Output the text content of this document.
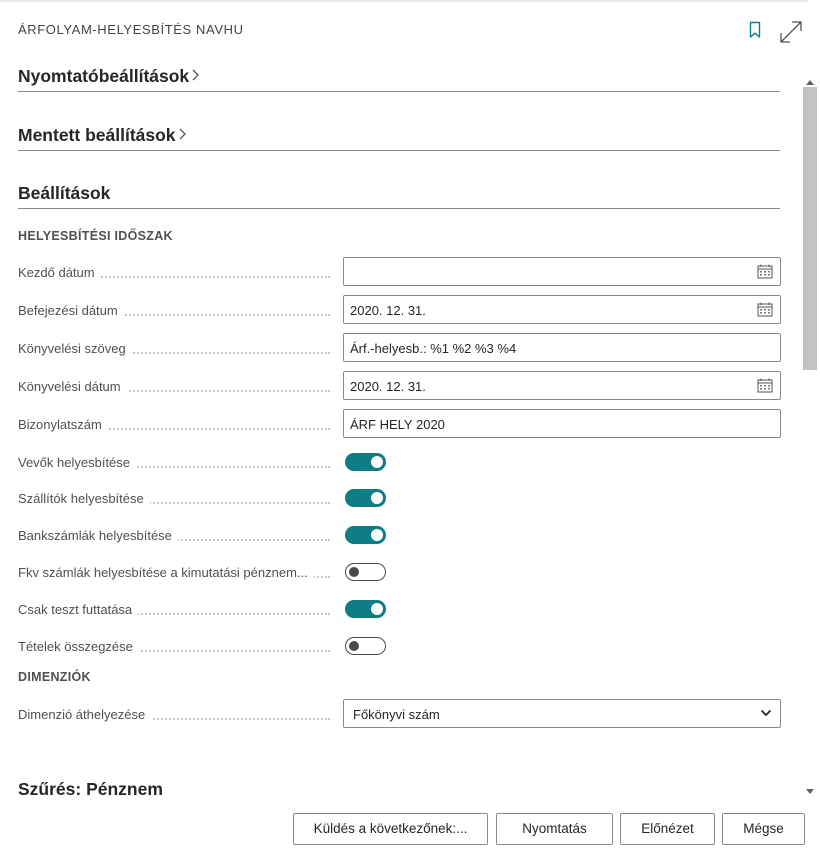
ÁRFOLYAM-HELYESBÍTÉS NAVHU
Nyomtatóbeállítások
Mentett beállítások
Beállítások
HELYESBÍTÉSI IDŐSZAK
Kezdő dátum
Befejezési dátum	2020. 12. 31.
Könyvelési szöveg	Árf.-helyesb.: %1 %2 %3 %4
Könyvelési dátum	2020. 12. 31.
Bizonylatszám	ÁRF HELY 2020
Vevők helyesbítése
Szállítók helyesbítése
Bankszámlák helyesbítése
Fkv számlák helyesbítése a kimutatási pénznem...
Csak teszt futtatása
Tételek összegzése
DIMENZIÓK
Dimenzió áthelyezése	Főkönyvi szám
Szűrés: Pénznem
Küldés a következőnek:...	Nyomtatás	Előnézet	Mégse
